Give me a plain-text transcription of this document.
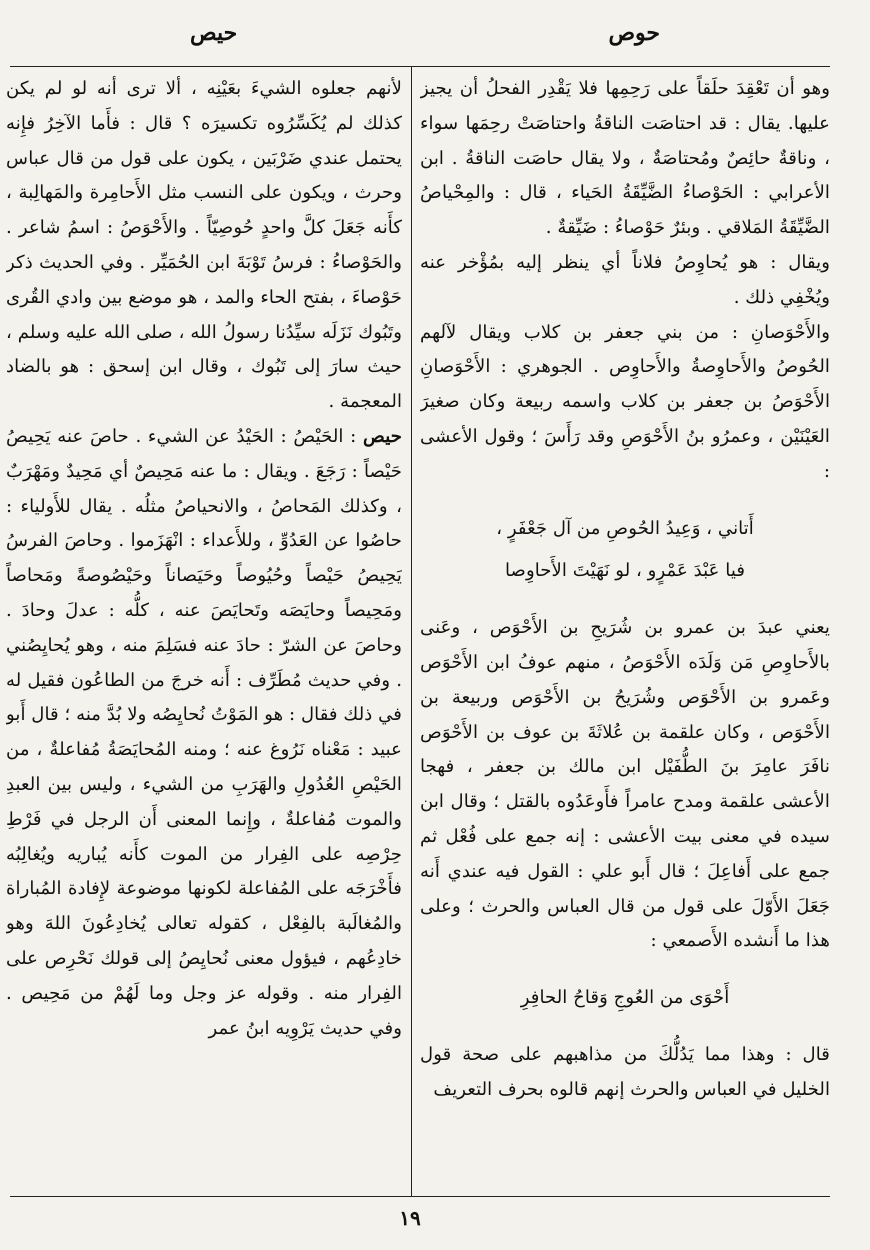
حوص
حيص

وهو أن تَعْقِدَ حلَقاً على رَحِمِها فلا يَقْدِر الفحلُ أن يجيز عليها. يقال : قد احتاصَت الناقةُ واحتاصَتْ رحِمَها سواء ، وناقةٌ حائِصٌ ومُحتاصَةٌ ، ولا يقال حاصَت الناقةُ . ابن الأعرابي : الحَوْصاءُ الضَّيِّقَةُ الحَياء ، قال : والمِحْياصُ الضَّيِّقَةُ المَلاقي . وبئرٌ حَوْصاءُ : ضَيِّقةٌ .

ويقال : هو يُحاوِصُ فلاناً أي ينظر إليه بمُؤْخر عنه ويُخْفِي ذلك .

والأَحْوَصانِ : من بني جعفر بن كلاب ويقال لآلهم الحُوصُ والأَحاوِصةُ والأَحاوِص . الجوهري : الأَحْوَصانِ الأَحْوَصُ بن جعفر بن كلاب واسمه ربيعة وكان صغيرَ العَيْنَيْن ، وعمرُو بنُ الأَحْوَصِ وقد رَأَسَ ؛ وقول الأعشى :

أَتاني ، وَعِيدُ الحُوصِ من آل جَعْفَرٍ ،

فيا عَبْدَ عَمْرٍو ، لو نَهَيْتَ الأَحاوِصا

يعني عبدَ بن عمرو بن شُرَيحِ بن الأَحْوَص ، وعَنى بالأَحاوِصِ مَن وَلَدَه الأَحْوَصُ ، منهم عوفُ ابن الأَحْوَص وعَمرو بن الأَحْوَص وشُرَيحُ بن الأَحْوَص وربيعة بن الأَحْوَص ، وكان علقمة بن عُلاثَةَ بن عوف بن الأَحْوَص نافَرَ عامِرَ بنَ الطُّفَيْل ابن مالك بن جعفر ، فهجا الأعشى علقمة ومدح عامراً فأَوعَدُوه بالقتل ؛ وقال ابن سيده في معنى بيت الأعشى : إنه جمع على فُعْل ثم جمع على أَفاعِلَ ؛ قال أَبو علي : القول فيه عندي أَنه جَعَلَ الأَوّلَ على قول من قال العباس والحرث ؛ وعلى هذا ما أَنشده الأَصمعي :

أَحْوَى من العُوجِ وَقاحُ الحافِرِ

قال : وهذا مما يَدُلُّكَ من مذاهبهم على صحة قول الخليل في العباس والحرث إنهم قالوه بحرف التعريف

لأنهم جعلوه الشيءَ بعَيْنِه ، ألا ترى أنه لو لم يكن كذلك لم يُكَسِّرُوه تكسيرَه ؟ قال : فأَما الآخِرُ فإِنه يحتمل عندي ضَرْبَين ، يكون على قول من قال عباس وحرث ، ويكون على النسب مثل الأَحامِرة والمَهالِبة ، كأَنه جَعَلَ كلَّ واحدٍ حُوصِيّاً . والأَحْوَصُ : اسمُ شاعر . والحَوْصاءُ : فرسُ تَوْبَةَ ابن الحُمَيِّر . وفي الحديث ذكر حَوْصاءَ ، بفتح الحاء والمد ، هو موضع بين وادي القُرى وتَبُوك نَزَلَه سيِّدُنا رسولُ الله ، صلى الله عليه وسلم ، حيث سارَ إلى تَبُوك ، وقال ابن إسحق : هو بالضاد المعجمة .

حيص : الحَيْصُ : الحَيْدُ عن الشيء . حاصَ عنه يَحِيصُ حَيْصاً : رَجَعَ . ويقال : ما عنه مَحِيصٌ أي مَحِيدٌ ومَهْرَبٌ ، وكذلك المَحاصُ ، والانحياصُ مثلُه . يقال للأَولياء : حاصُوا عن العَدُوِّ ، وللأَعداء : انْهَزَموا . وحاصَ الفرسُ يَحِيصُ حَيْصاً وحُيُوصاً وحَيَصاناً وحَيْصُوصةً ومَحاصاً ومَحِيصاً وحايَصَه وتَحايَصَ عنه ، كلُّه : عدلَ وحادَ . وحاصَ عن الشرّ : حادَ عنه فسَلِمَ منه ، وهو يُحايِصُني . وفي حديث مُطَرِّف : أَنه خرجَ من الطاعُون فقيل له في ذلك فقال : هو المَوْتُ نُحايِصُه ولا بُدَّ منه ؛ قال أَبو عبيد : مَعْناه نَرُوغ عنه ؛ ومنه المُحايَصَةُ مُفاعلةٌ ، من الحَيْصِ العُدُولِ والهَرَبِ من الشيء ، وليس بين العبدِ والموت مُفاعلةٌ ، وإِنما المعنى أَن الرجل في فَرْطِ حِرْصِه على الفِرار من الموت كأَنه يُباريه ويُغالِبُه فأَخْرَجَه على المُفاعلة لكونها موضوعة لإِفادة المُباراة والمُغالَبة بالفِعْل ، كقوله تعالى يُخادِعُونَ اللهَ وهو خادِعُهم ، فيؤول معنى نُحايِصُ إلى قولك نَحْرِص على الفِرار منه . وقوله عز وجل وما لَهُمْ من مَحِيص . وفي حديث يَرْوِيه ابنُ عمر

١٩
